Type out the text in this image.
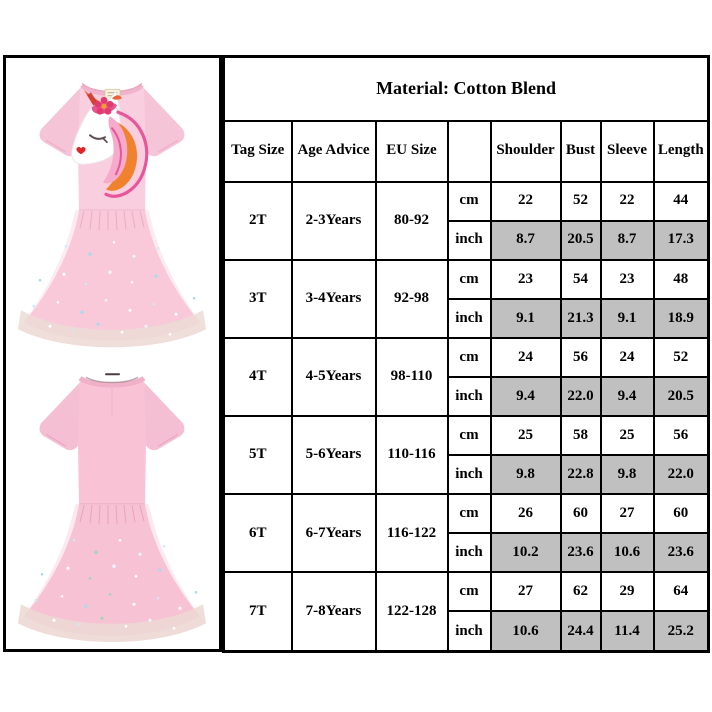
Material: Cotton Blend							
Tag Size	Age Advice	EU Size		Shoulder	Bust	Sleeve	Length
2T	2-3Years	80-92	cm	22	52	22	44
			inch	8.7	20.5	8.7	17.3
3T	3-4Years	92-98	cm	23	54	23	48
			inch	9.1	21.3	9.1	18.9
4T	4-5Years	98-110	cm	24	56	24	52
			inch	9.4	22.0	9.4	20.5
5T	5-6Years	110-116	cm	25	58	25	56
			inch	9.8	22.8	9.8	22.0
6T	6-7Years	116-122	cm	26	60	27	60
			inch	10.2	23.6	10.6	23.6
7T	7-8Years	122-128	cm	27	62	29	64
			inch	10.6	24.4	11.4	25.2
